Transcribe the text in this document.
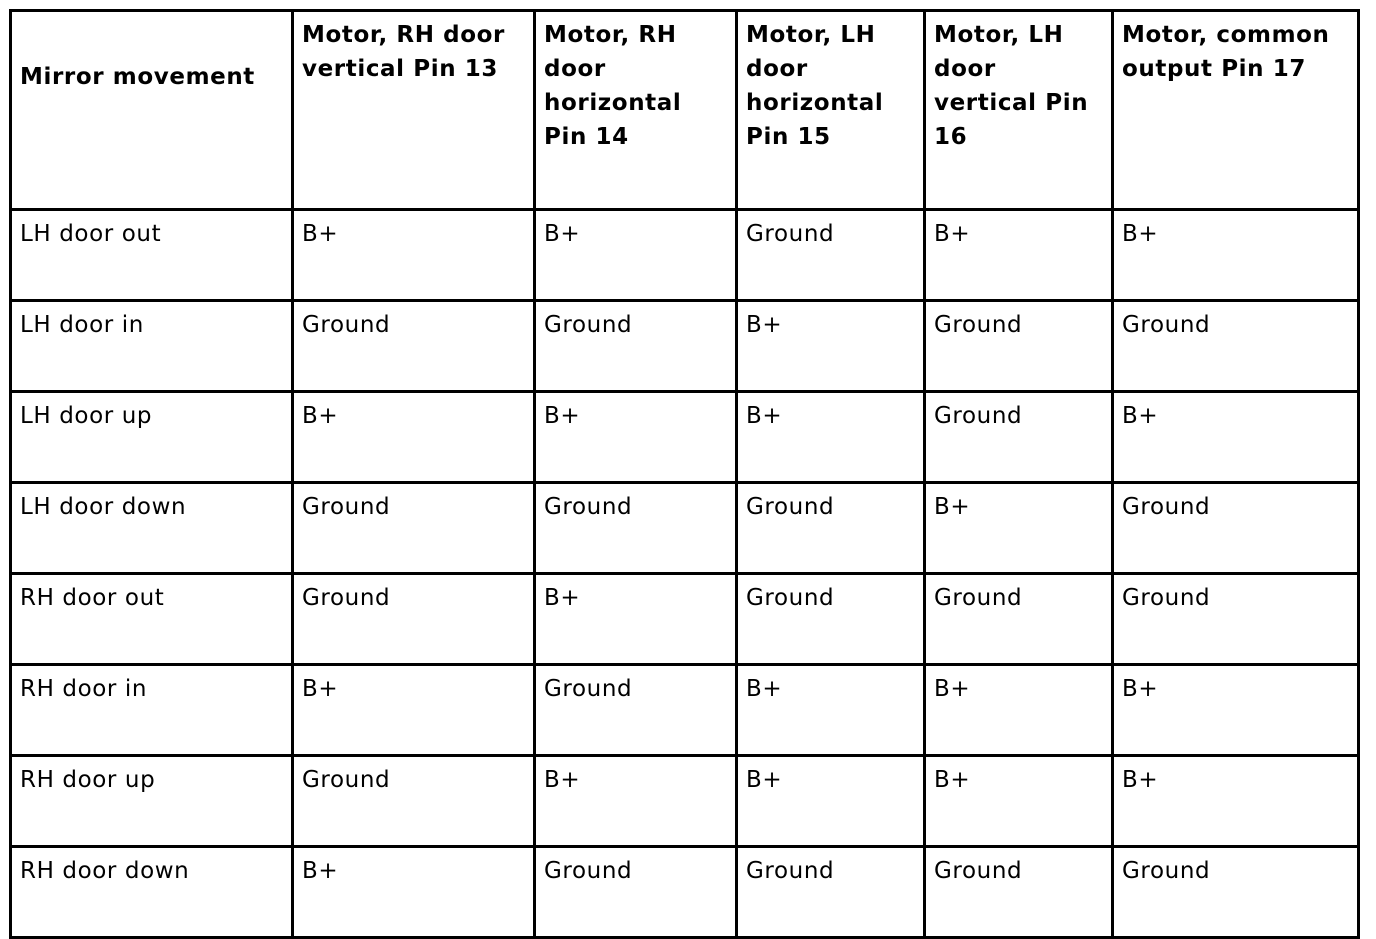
Mirror movement	Motor, RH door vertical Pin 13	Motor, RH door horizontal Pin 14	Motor, LH door horizontal Pin 15	Motor, LH door vertical Pin 16	Motor, common output Pin 17
LH door out	B+	B+	Ground	B+	B+
LH door in	Ground	Ground	B+	Ground	Ground
LH door up	B+	B+	B+	Ground	B+
LH door down	Ground	Ground	Ground	B+	Ground
RH door out	Ground	B+	Ground	Ground	Ground
RH door in	B+	Ground	B+	B+	B+
RH door up	Ground	B+	B+	B+	B+
RH door down	B+	Ground	Ground	Ground	Ground
